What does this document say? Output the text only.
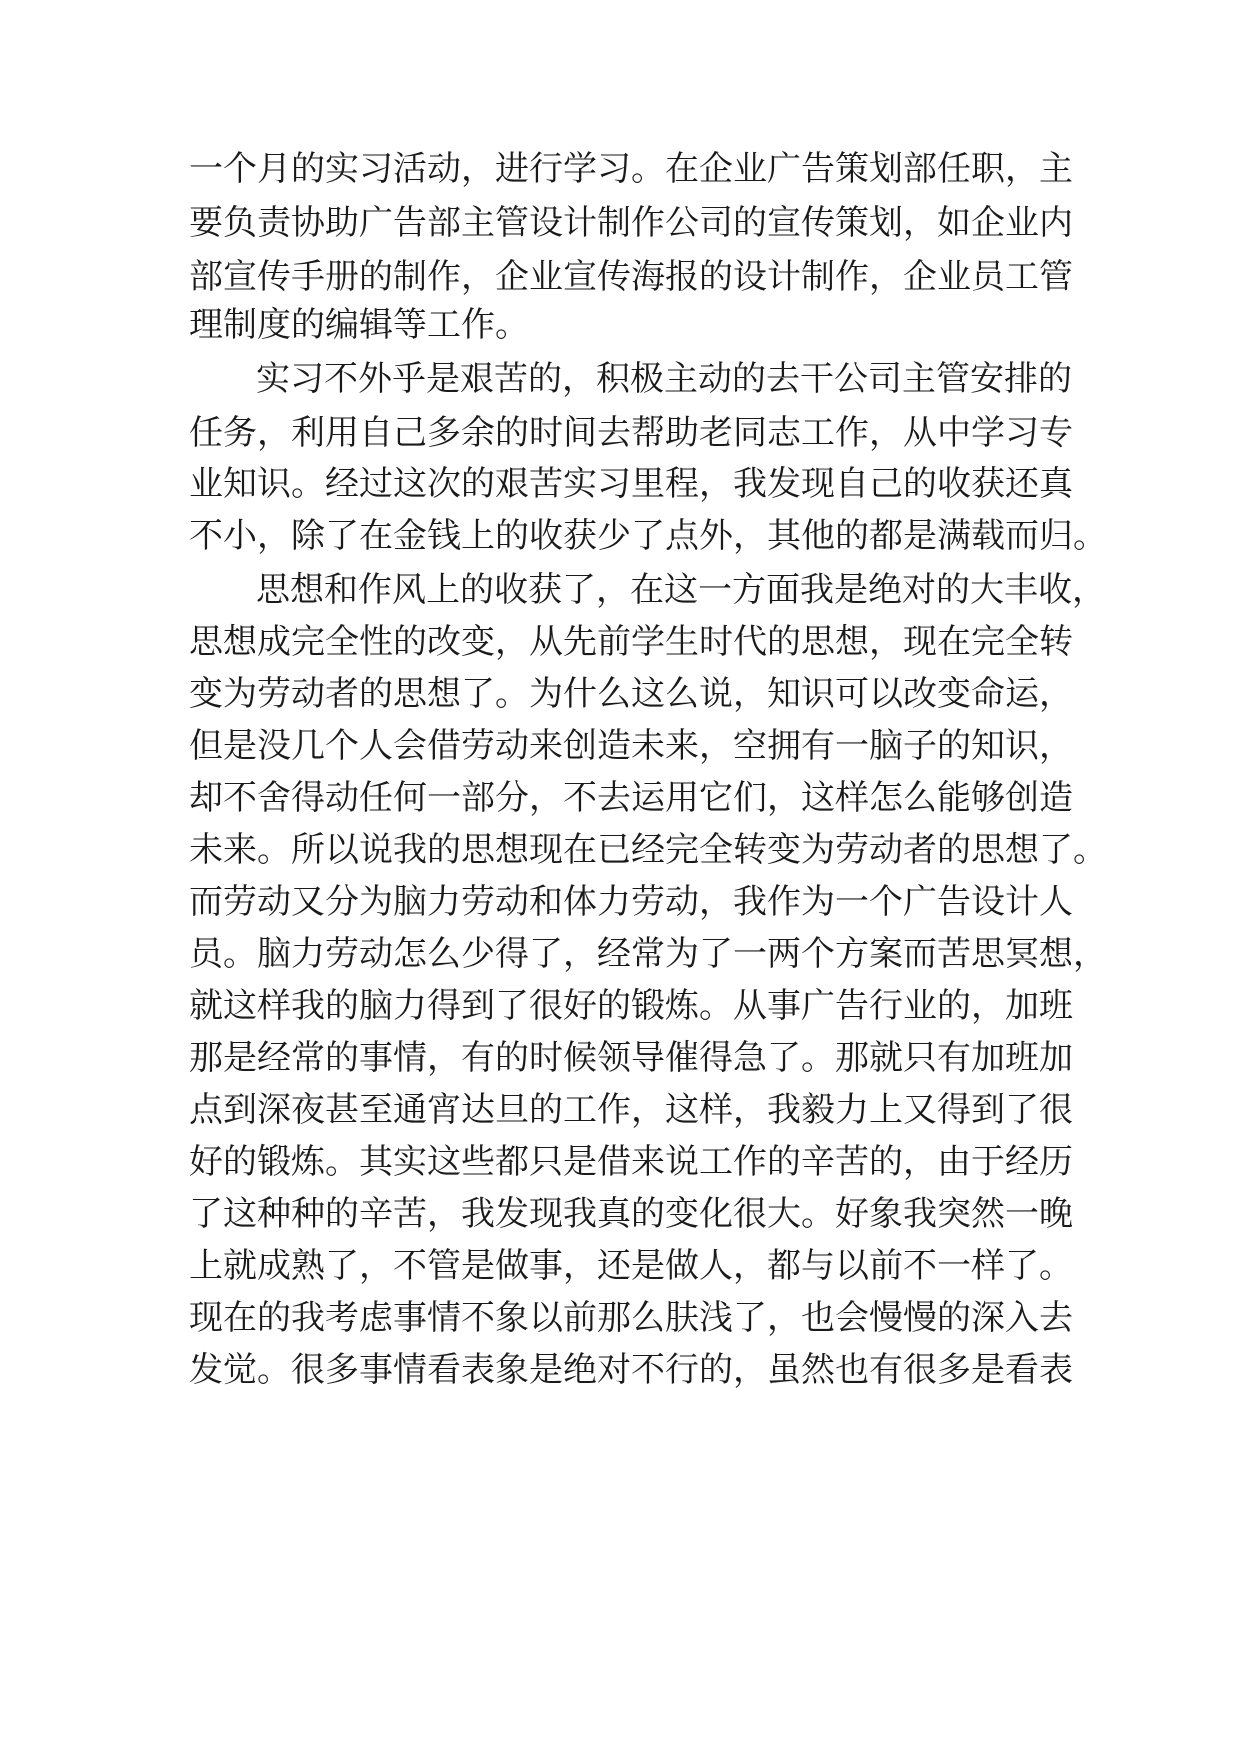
一个月的实习活动，进行学习。在企业广告策划部任职，主
要负责协助广告部主管设计制作公司的宣传策划，如企业内
部宣传手册的制作，企业宣传海报的设计制作，企业员工管
理制度的编辑等工作。
实习不外乎是艰苦的，积极主动的去干公司主管安排的
任务，利用自己多余的时间去帮助老同志工作，从中学习专
业知识。经过这次的艰苦实习里程，我发现自己的收获还真
不小，除了在金钱上的收获少了点外，其他的都是满载而归。
思想和作风上的收获了，在这一方面我是绝对的大丰收，
思想成完全性的改变，从先前学生时代的思想，现在完全转
变为劳动者的思想了。为什么这么说，知识可以改变命运，
但是没几个人会借劳动来创造未来，空拥有一脑子的知识，
却不舍得动任何一部分，不去运用它们，这样怎么能够创造
未来。所以说我的思想现在已经完全转变为劳动者的思想了。
而劳动又分为脑力劳动和体力劳动，我作为一个广告设计人
员。脑力劳动怎么少得了，经常为了一两个方案而苦思冥想，
就这样我的脑力得到了很好的锻炼。从事广告行业的，加班
那是经常的事情，有的时候领导催得急了。那就只有加班加
点到深夜甚至通宵达旦的工作，这样，我毅力上又得到了很
好的锻炼。其实这些都只是借来说工作的辛苦的，由于经历
了这种种的辛苦，我发现我真的变化很大。好象我突然一晚
上就成熟了，不管是做事，还是做人，都与以前不一样了。
现在的我考虑事情不象以前那么肤浅了，也会慢慢的深入去
发觉。很多事情看表象是绝对不行的，虽然也有很多是看表
